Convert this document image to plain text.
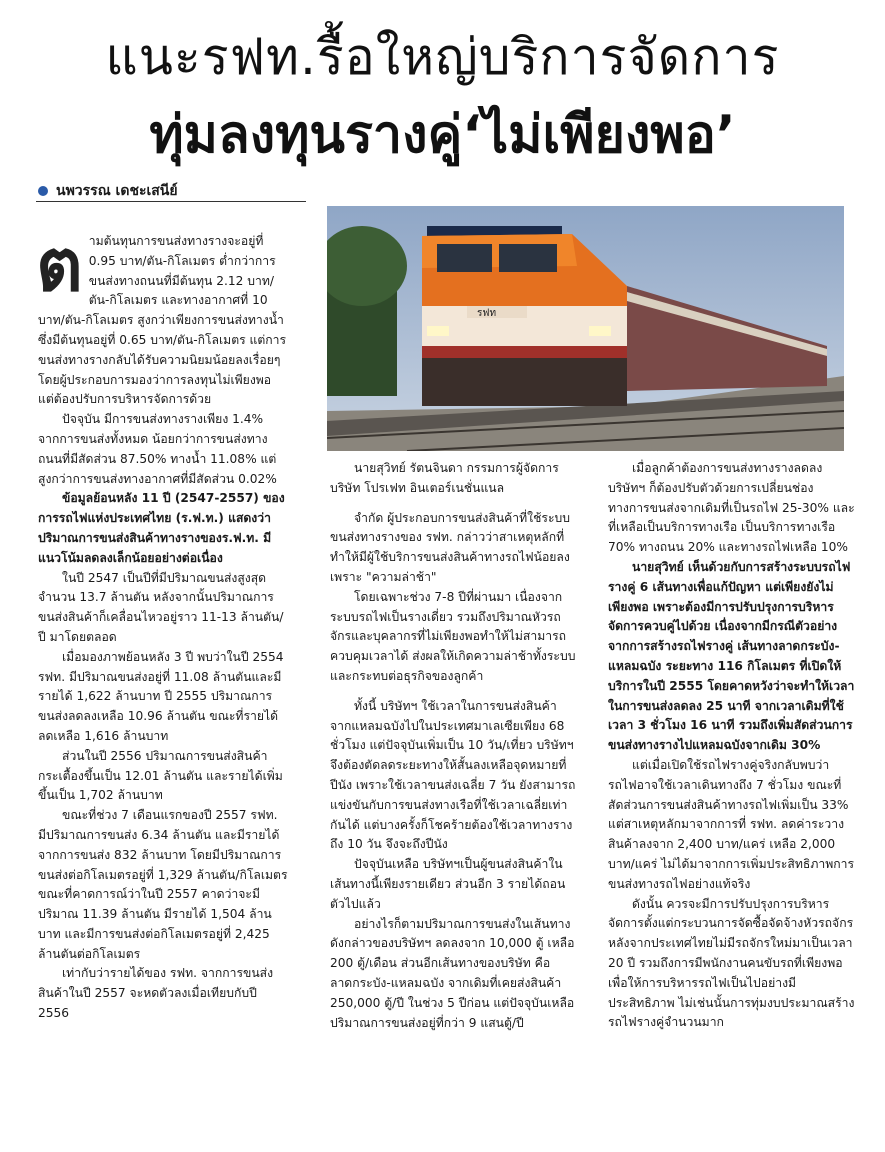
แนะรฟท.รื้อใหญ่บริการจัดการ
ทุ่มลงทุนรางคู่‘ไม่เพียงพอ’
นพวรรณ เดชะเสนีย์
รฟท
ต ามต้นทุนการขนส่งทางรางจะอยู่ที่ 0.95 บาท/ตัน-กิโลเมตร ต่ำกว่าการขนส่งทางถนนที่มีต้นทุน 2.12 บาท/ตัน-กิโลเมตร และทางอากาศที่ 10 บาท/ตัน-กิโลเมตร สูงกว่าเพียงการขนส่งทางน้ำซึ่งมีต้นทุนอยู่ที่ 0.65 บาท/ตัน-กิโลเมตร แต่การขนส่งทางรางกลับได้รับความนิยมน้อยลงเรื่อยๆ โดยผู้ประกอบการมองว่าการลงทุนไม่เพียงพอ แต่ต้องปรับการบริหารจัดการด้วย

ปัจจุบัน มีการขนส่งทางรางเพียง 1.4% จากการขนส่งทั้งหมด น้อยกว่าการขนส่งทางถนนที่มีสัดส่วน 87.50% ทางน้ำ 11.08% แต่สูงกว่าการขนส่งทางอากาศที่มีสัดส่วน 0.02%

ข้อมูลย้อนหลัง 11 ปี (2547-2557) ของการรถไฟแห่งประเทศไทย (ร.ฟ.ท.) แสดงว่า ปริมาณการขนส่งสินค้าทางรางของร.ฟ.ท. มีแนวโน้มลดลงเล็กน้อยอย่างต่อเนื่อง

ในปี 2547 เป็นปีที่มีปริมาณขนส่งสูงสุด จำนวน 13.7 ล้านตัน หลังจากนั้นปริมาณการขนส่งสินค้าก็เคลื่อนไหวอยู่ราว 11-13 ล้านตัน/ปี มาโดยตลอด

เมื่อมองภาพย้อนหลัง 3 ปี พบว่าในปี 2554 รฟท. มีปริมาณขนส่งอยู่ที่ 11.08 ล้านตันและมีรายได้ 1,622 ล้านบาท ปี 2555 ปริมาณการขนส่งลดลงเหลือ 10.96 ล้านตัน ขณะที่รายได้ลดเหลือ 1,616 ล้านบาท

ส่วนในปี 2556 ปริมาณการขนส่งสินค้ากระเตื้องขึ้นเป็น 12.01 ล้านตัน และรายได้เพิ่มขึ้นเป็น 1,702 ล้านบาท

ขณะที่ช่วง 7 เดือนแรกของปี 2557 รฟท. มีปริมาณการขนส่ง 6.34 ล้านตัน และมีรายได้จากการขนส่ง 832 ล้านบาท โดยมีปริมาณการขนส่งต่อกิโลเมตรอยู่ที่ 1,329 ล้านตัน/กิโลเมตร ขณะที่คาดการณ์ว่าในปี 2557 คาดว่าจะมีปริมาณ 11.39 ล้านตัน มีรายได้ 1,504 ล้านบาท และมีการขนส่งต่อกิโลเมตรอยู่ที่ 2,425 ล้านตันต่อกิโลเมตร

เท่ากับว่ารายได้ของ รฟท. จากการขนส่งสินค้าในปี 2557 จะหดตัวลงเมื่อเทียบกับปี 2556

นายสุวิทย์ รัตนจินดา กรรมการผู้จัดการ บริษัท โปรเฟท อินเตอร์เนชั่นแนล

จำกัด ผู้ประกอบการขนส่งสินค้าที่ใช้ระบบขนส่งทางรางของ รฟท. กล่าวว่าสาเหตุหลักที่ทำให้มีผู้ใช้บริการขนส่งสินค้าทางรถไฟน้อยลงเพราะ "ความล่าช้า"

โดยเฉพาะช่วง 7-8 ปีที่ผ่านมา เนื่องจากระบบรถไฟเป็นรางเดี่ยว รวมถึงปริมาณหัวรถจักรและบุคลากรที่ไม่เพียงพอทำให้ไม่สามารถควบคุมเวลาได้ ส่งผลให้เกิดความล่าช้าทั้งระบบและกระทบต่อธุรกิจของลูกค้า

ทั้งนี้ บริษัทฯ ใช้เวลาในการขนส่งสินค้าจากแหลมฉบังไปในประเทศมาเลเซียเพียง 68 ชั่วโมง แต่ปัจจุบันเพิ่มเป็น 10 วัน/เที่ยว บริษัทฯ จึงต้องตัดลดระยะทางให้สั้นลงเหลือจุดหมายที่ปีนัง เพราะใช้เวลาขนส่งเฉลี่ย 7 วัน ยังสามารถแข่งขันกับการขนส่งทางเรือที่ใช้เวลาเฉลี่ยเท่ากันได้ แต่บางครั้งก็โชคร้ายต้องใช้เวลาทางรางถึง 10 วัน จึงจะถึงปีนัง

ปัจจุบันเหลือ บริษัทฯเป็นผู้ขนส่งสินค้าในเส้นทางนี้เพียงรายเดียว ส่วนอีก 3 รายได้ถอนตัวไปแล้ว

อย่างไรก็ตามปริมาณการขนส่งในเส้นทางดังกล่าวของบริษัทฯ ลดลงจาก 10,000 ตู้ เหลือ 200 ตู้/เดือน ส่วนอีกเส้นทางของบริษัท คือ ลาดกระบัง-แหลมฉบัง จากเดิมที่เคยส่งสินค้า 250,000 ตู้/ปี ในช่วง 5 ปีก่อน แต่ปัจจุบันเหลือปริมาณการขนส่งอยู่ที่กว่า 9 แสนตู้/ปี

เมื่อลูกค้าต้องการขนส่งทางรางลดลง บริษัทฯ ก็ต้องปรับตัวด้วยการเปลี่ยนช่องทางการขนส่งจากเดิมที่เป็นรถไฟ 25-30% และที่เหลือเป็นบริการทางเรือ เป็นบริการทางเรือ 70% ทางถนน 20% และทางรถไฟเหลือ 10%

นายสุวิทย์ เห็นด้วยกับการสร้างระบบรถไฟรางคู่ 6 เส้นทางเพื่อแก้ปัญหา แต่เพียงยังไม่เพียงพอ เพราะต้องมีการปรับปรุงการบริหารจัดการควบคู่ไปด้วย เนื่องจากมีกรณีตัวอย่างจากการสร้างรถไฟรางคู่ เส้นทางลาดกระบัง-แหลมฉบัง ระยะทาง 116 กิโลเมตร ที่เปิดให้บริการในปี 2555 โดยคาดหวังว่าจะทำให้เวลาในการขนส่งลดลง 25 นาที จากเวลาเดิมที่ใช้เวลา 3 ชั่วโมง 16 นาที รวมถึงเพิ่มสัดส่วนการขนส่งทางรางไปแหลมฉบังจากเดิม 30%

แต่เมื่อเปิดใช้รถไฟรางคู่จริงกลับพบว่ารถไฟอาจใช้เวลาเดินทางถึง 7 ชั่วโมง ขณะที่สัดส่วนการขนส่งสินค้าทางรถไฟเพิ่มเป็น 33% แต่สาเหตุหลักมาจากการที่ รฟท. ลดค่าระวางสินค้าลงจาก 2,400 บาท/แคร่ เหลือ 2,000 บาท/แคร่ ไม่ได้มาจากการเพิ่มประสิทธิภาพการขนส่งทางรถไฟอย่างแท้จริง

ดังนั้น ควรจะมีการปรับปรุงการบริหารจัดการตั้งแต่กระบวนการจัดซื้อจัดจ้างหัวรถจักรหลังจากประเทศไทยไม่มีรถจักรใหม่มาเป็นเวลา 20 ปี รวมถึงการมีพนักงานคนขับรถที่เพียงพอเพื่อให้การบริหารรถไฟเป็นไปอย่างมีประสิทธิภาพ ไม่เช่นนั้นการทุ่มงบประมาณสร้างรถไฟรางคู่จำนวนมาก
